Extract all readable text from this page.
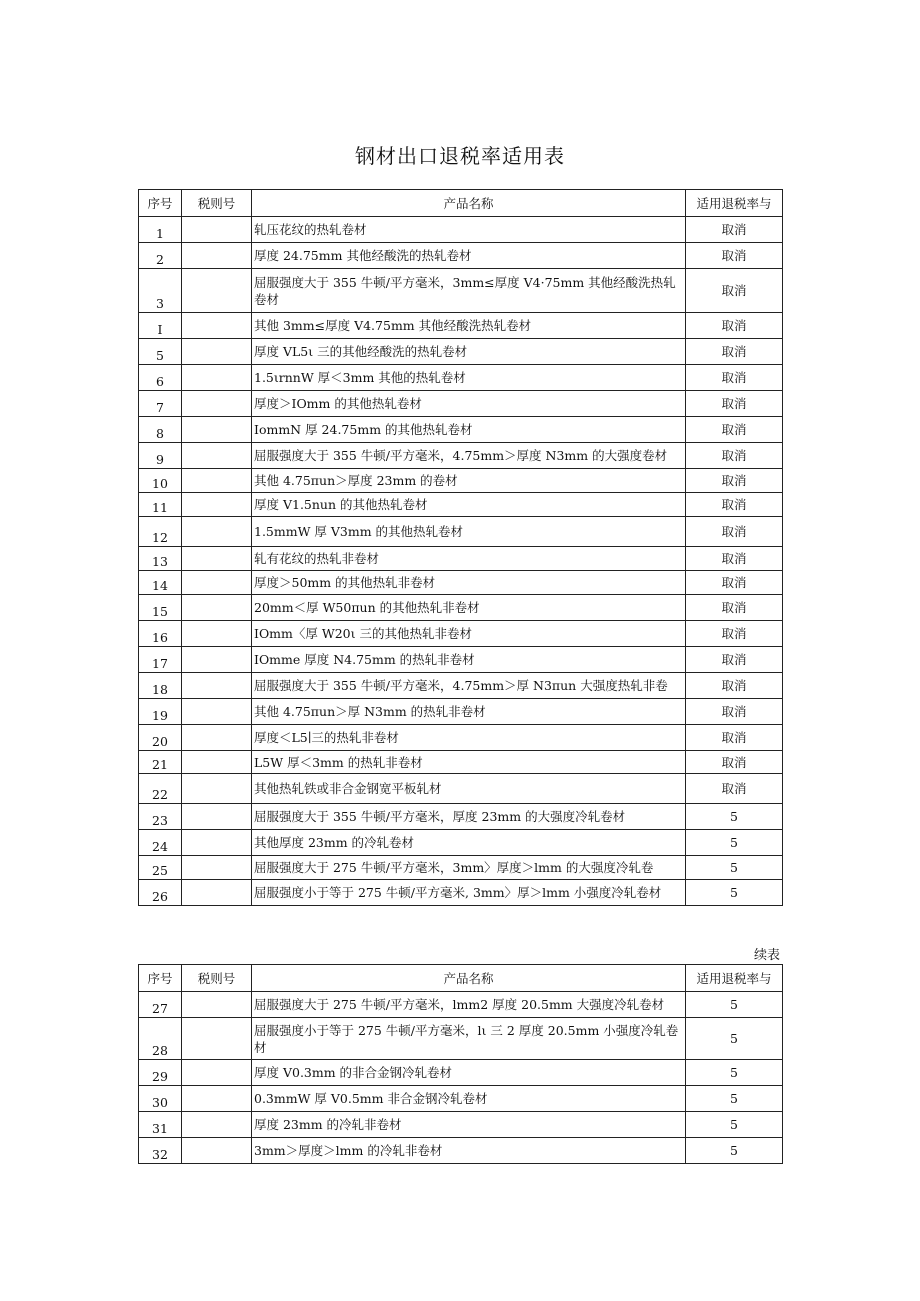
钢材出口退税率适用表
序号	税则号	产品名称	适用退税率与
1		轧压花纹的热轧卷材	取消
2		厚度 24.75mm 其他经酸洗的热轧卷材	取消
3		屈服强度大于 355 牛顿/平方毫米，3mm≤厚度 V4·75mm 其他经酸洗热轧卷材	取消
I		其他 3mm≤厚度 V4.75mm 其他经酸洗热轧卷材	取消
5		厚度 VL5ι 三的其他经酸洗的热轧卷材	取消
6		1.5ιrnnW 厚＜3mm 其他的热轧卷材	取消
7		厚度＞IOmm 的其他热轧卷材	取消
8		IommN 厚 24.75mm 的其他热轧卷材	取消
9		屈服强度大于 355 牛顿/平方毫米，4.75mm＞厚度 N3mm 的大强度卷材	取消
10		其他 4.75πun＞厚度 23mm 的卷材	取消
11		厚度 V1.5nun 的其他热轧卷材	取消
12		1.5mmW 厚 V3mm 的其他热轧卷材	取消
13		轧有花纹的热轧非卷材	取消
14		厚度＞50mm 的其他热轧非卷材	取消
15		20mm＜厚 W50πun 的其他热轧非卷材	取消
16		IOmm〈厚 W20ι 三的其他热轧非卷材	取消
17		IOmme 厚度 N4.75mm 的热轧非卷材	取消
18		屈服强度大于 355 牛顿/平方毫米，4.75mm＞厚 N3πun 大强度热轧非卷	取消
19		其他 4.75πun＞厚 N3mm 的热轧非卷材	取消
20		厚度＜L5∣三的热轧非卷材	取消
21		L5W 厚＜3mm 的热轧非卷材	取消
22		其他热轧铁或非合金钢宽平板轧材	取消
23		屈服强度大于 355 牛顿/平方毫米，厚度 23mm 的大强度冷轧卷材	5
24		其他厚度 23mm 的冷轧卷材	5
25		屈服强度大于 275 牛顿/平方毫米，3mm〉厚度＞lmm 的大强度冷轧卷	5
26		屈服强度小于等于 275 牛顿/平方毫米, 3mm〉厚＞lmm 小强度冷轧卷材	5
续表
序号	税则号	产品名称	适用退税率与
27		屈服强度大于 275 牛顿/平方毫米，lmm2 厚度 20.5mm 大强度冷轧卷材	5
28		屈服强度小于等于 275 牛顿/平方毫米，lι 三 2 厚度 20.5mm 小强度冷轧卷材	5
29		厚度 V0.3mm 的非合金钢冷轧卷材	5
30		0.3mmW 厚 V0.5mm 非合金钢冷轧卷材	5
31		厚度 23mm 的冷轧非卷材	5
32		3mm＞厚度＞lmm 的冷轧非卷材	5
